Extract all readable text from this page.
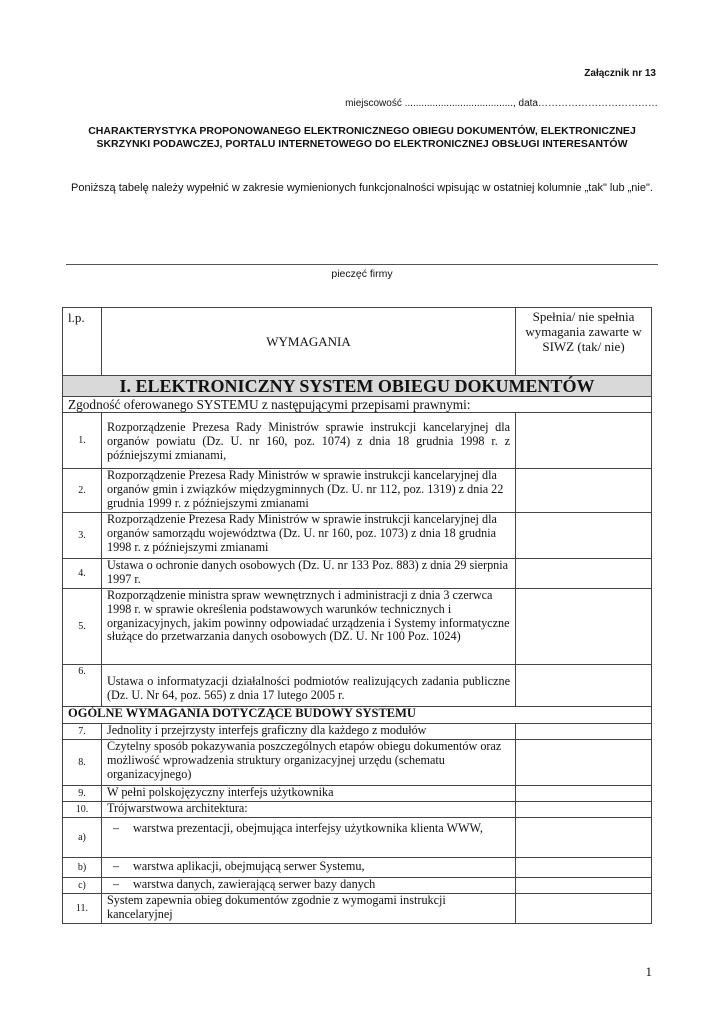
Załącznik nr 13
miejscowość ......................................., data………………………………
CHARAKTERYSTYKA PROPONOWANEGO ELEKTRONICZNEGO OBIEGU DOKUMENTÓW, ELEKTRONICZNEJ SKRZYNKI PODAWCZEJ, PORTALU INTERNETOWEGO DO ELEKTRONICZNEJ OBSŁUGI INTERESANTÓW
Poniższą tabelę należy wypełnić w zakresie wymienionych funkcjonalności wpisując w ostatniej kolumnie „tak" lub „nie".
pieczęć firmy
l.p.	WYMAGANIA	Spełnia/ nie spełnia wymagania zawarte w SIWZ (tak/ nie)
I. ELEKTRONICZNY SYSTEM OBIEGU DOKUMENTÓW		
Zgodność oferowanego SYSTEMU z następującymi przepisami prawnymi:		
1.	Rozporządzenie Prezesa Rady Ministrów sprawie instrukcji kancelaryjnej dla organów powiatu (Dz. U. nr 160, poz. 1074) z dnia 18 grudnia 1998 r. z późniejszymi zmianami,	
2.	Rozporządzenie Prezesa Rady Ministrów w sprawie instrukcji kancelaryjnej dla organów gmin i związków międzygminnych (Dz. U. nr 112, poz. 1319) z dnia 22 grudnia 1999 r. z późniejszymi zmianami	
3.	Rozporządzenie Prezesa Rady Ministrów w sprawie instrukcji kancelaryjnej dla organów samorządu województwa (Dz. U. nr 160, poz. 1073) z dnia 18 grudnia 1998 r. z późniejszymi zmianami	
4.	Ustawa o ochronie danych osobowych (Dz. U. nr 133 Poz. 883) z dnia 29 sierpnia 1997 r.	
5.	Rozporządzenie ministra spraw wewnętrznych i administracji z dnia 3 czerwca 1998 r. w sprawie określenia podstawowych warunków technicznych i organizacyjnych, jakim powinny odpowiadać urządzenia i Systemy informatyczne służące do przetwarzania danych osobowych (DZ. U. Nr 100 Poz. 1024)	
6.	Ustawa o informatyzacji działalności podmiotów realizujących zadania publiczne (Dz. U. Nr 64, poz. 565) z dnia 17 lutego 2005 r.	
OGÓLNE WYMAGANIA DOTYCZĄCE BUDOWY SYSTEMU		
7.	Jednolity i przejrzysty interfejs graficzny dla każdego z modułów	
8.	Czytelny sposób pokazywania poszczególnych etapów obiegu dokumentów oraz możliwość wprowadzenia struktury organizacyjnej urzędu (schematu organizacyjnego)	
9.	W pełni polskojęzyczny interfejs użytkownika	
10.	Trójwarstwowa architektura:	
a)	– warstwa prezentacji, obejmująca interfejsy użytkownika klienta WWW,	

b)	– warstwa aplikacji, obejmującą serwer Systemu,	

c)	– warstwa danych, zawierającą serwer bazy danych	

11.	System zapewnia obieg dokumentów zgodnie z wymogami instrukcji kancelaryjnej	
1
